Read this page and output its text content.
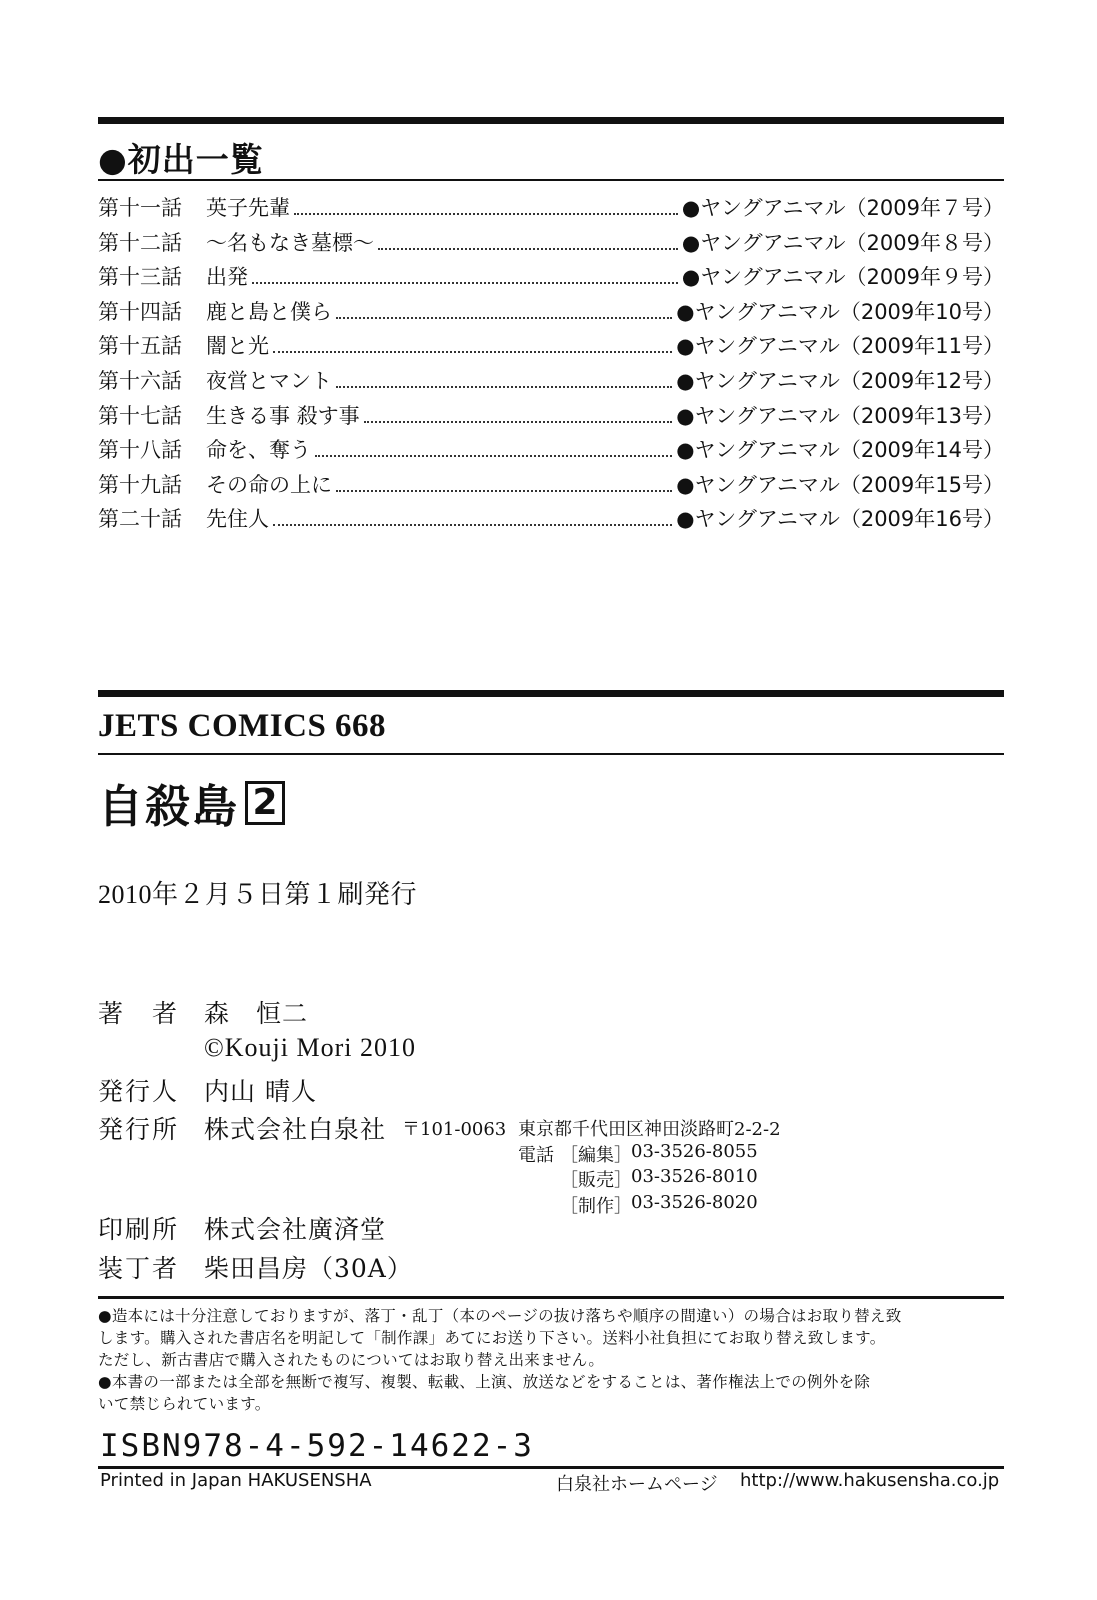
●初出一覧
第十一話	英子先輩	●ヤングアニマル（2009年７号）
第十二話	〜名もなき墓標〜	●ヤングアニマル（2009年８号）
第十三話	出発	●ヤングアニマル（2009年９号）
第十四話	鹿と島と僕ら	●ヤングアニマル（2009年10号）
第十五話	闇と光	●ヤングアニマル（2009年11号）
第十六話	夜営とマント	●ヤングアニマル（2009年12号）
第十七話	生きる事 殺す事	●ヤングアニマル（2009年13号）
第十八話	命を、奪う	●ヤングアニマル（2009年14号）
第十九話	その命の上に	●ヤングアニマル（2009年15号）
第二十話	先住人	●ヤングアニマル（2009年16号）
JETS COMICS 668
自殺島 2
2010年２月５日第１刷発行
著　者 森　恒二
©Kouji Mori 2010
発行人 内山 晴人
発行所 株式会社白泉社 〒101-0063 東京都千代田区神田淡路町2-2-2
電話 ［編集］ 03-3526-8055
［販売］ 03-3526-8010
［制作］ 03-3526-8020
印刷所 株式会社廣済堂
装丁者 柴田昌房（30A）

●造本には十分注意しておりますが、落丁・乱丁（本のページの抜け落ちや順序の間違い）の場合はお取り替え致

します。購入された書店名を明記して「制作課」あてにお送り下さい。送料小社負担にてお取り替え致します。

ただし、新古書店で購入されたものについてはお取り替え出来ません。

●本書の一部または全部を無断で複写、複製、転載、上演、放送などをすることは、著作権法上での例外を除

いて禁じられています。

ISBN978-4-592-14622-3
Printed in Japan HAKUSENSHA	白泉社ホームページ http://www.hakusensha.co.jp
